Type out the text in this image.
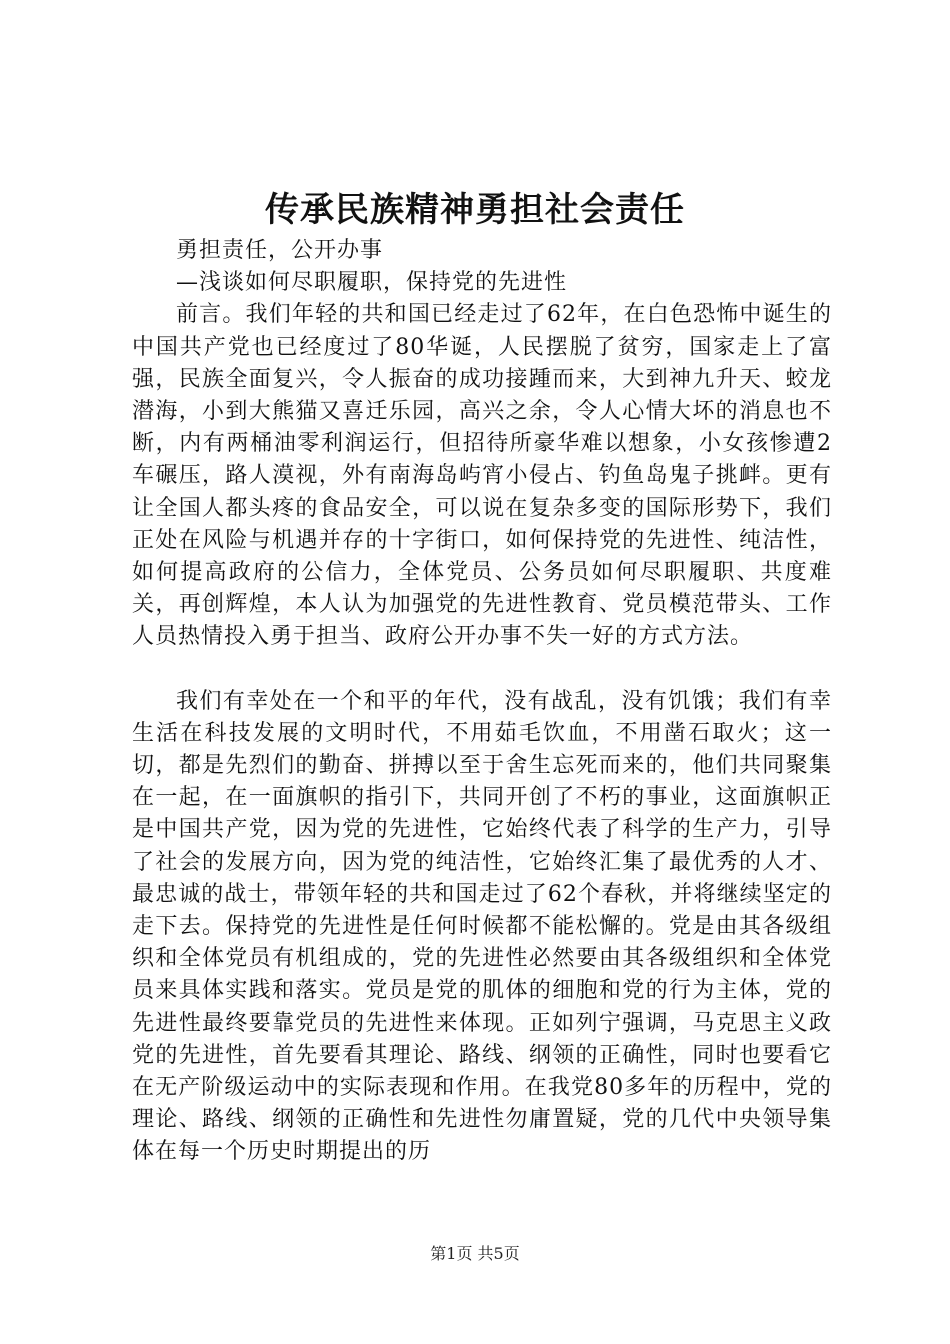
传承民族精神勇担社会责任

勇担责任，公开办事

—浅谈如何尽职履职，保持党的先进性

前言。我们年轻的共和国已经走过了62年，在白色恐怖中诞生的中国共产党也已经度过了80华诞，人民摆脱了贫穷，国家走上了富强，民族全面复兴，令人振奋的成功接踵而来，大到神九升天、蛟龙潜海，小到大熊猫又喜迁乐园，高兴之余，令人心情大坏的消息也不断，内有两桶油零利润运行，但招待所豪华难以想象，小女孩惨遭2车碾压，路人漠视，外有南海岛屿宵小侵占、钓鱼岛鬼子挑衅。更有让全国人都头疼的食品安全，可以说在复杂多变的国际形势下，我们正处在风险与机遇并存的十字街口，如何保持党的先进性、纯洁性，如何提高政府的公信力，全体党员、公务员如何尽职履职、共度难关，再创辉煌，本人认为加强党的先进性教育、党员模范带头、工作人员热情投入勇于担当、政府公开办事不失一好的方式方法。

我们有幸处在一个和平的年代，没有战乱，没有饥饿；我们有幸生活在科技发展的文明时代，不用茹毛饮血，不用凿石取火；这一切，都是先烈们的勤奋、拼搏以至于舍生忘死而来的，他们共同聚集在一起，在一面旗帜的指引下，共同开创了不朽的事业，这面旗帜正是中国共产党，因为党的先进性，它始终代表了科学的生产力，引导了社会的发展方向，因为党的纯洁性，它始终汇集了最优秀的人才、最忠诚的战士，带领年轻的共和国走过了62个春秋，并将继续坚定的走下去。保持党的先进性是任何时候都不能松懈的。党是由其各级组织和全体党员有机组成的，党的先进性必然要由其各级组织和全体党员来具体实践和落实。党员是党的肌体的细胞和党的行为主体，党的先进性最终要靠党员的先进性来体现。正如列宁强调，马克思主义政党的先进性，首先要看其理论、路线、纲领的正确性，同时也要看它在无产阶级运动中的实际表现和作用。在我党80多年的历程中，党的理论、路线、纲领的正确性和先进性勿庸置疑，党的几代中央领导集体在每一个历史时期提出的历

第1页 共5页
